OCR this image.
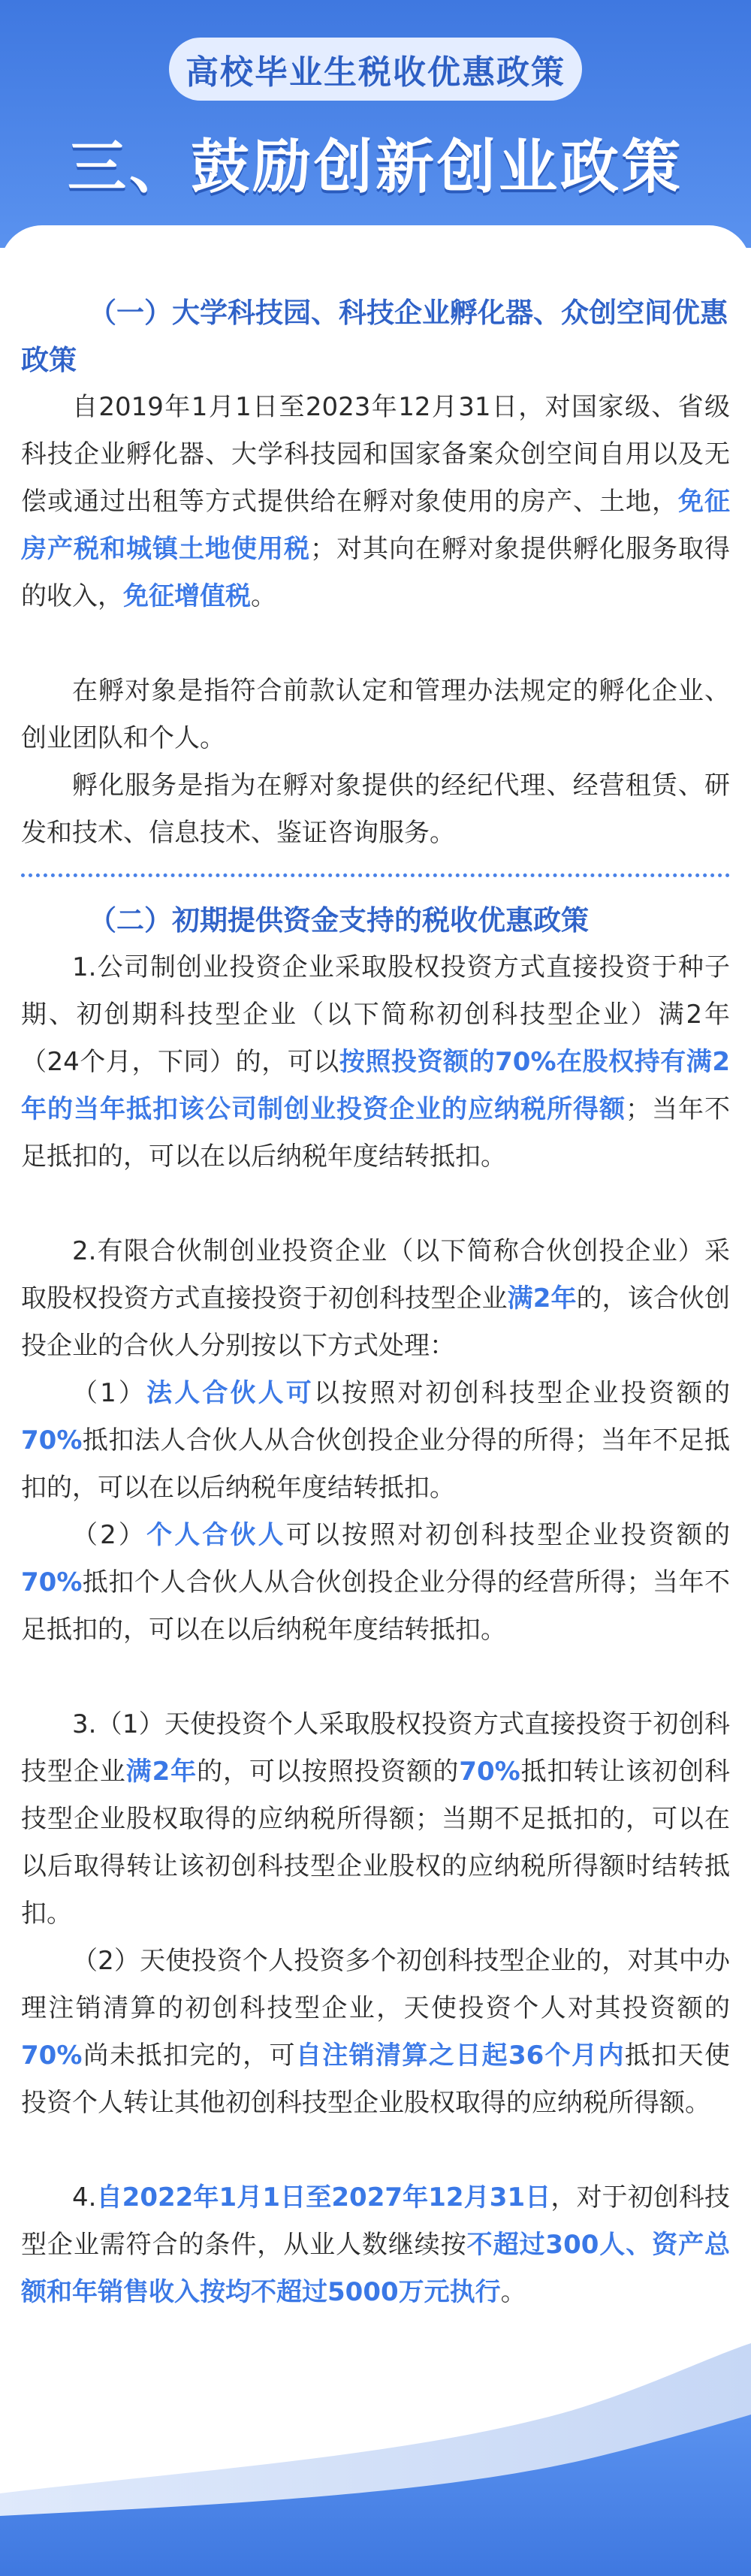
高校毕业生税收优惠政策
三、鼓励创新创业政策
（一）大学科技园、科技企业孵化器、众创空间优惠政策

自2019年1月1日至2023年12月31日，对国家级、省级科技企业孵化器、大学科技园和国家备案众创空间自用以及无偿或通过出租等方式提供给在孵对象使用的房产、土地，免征房产税和城镇土地使用税；对其向在孵对象提供孵化服务取得的收入，免征增值税。

在孵对象是指符合前款认定和管理办法规定的孵化企业、创业团队和个人。

孵化服务是指为在孵对象提供的经纪代理、经营租赁、研发和技术、信息技术、鉴证咨询服务。

（二）初期提供资金支持的税收优惠政策

1.公司制创业投资企业采取股权投资方式直接投资于种子期、初创期科技型企业（以下简称初创科技型企业）满2年（24个月，下同）的，可以按照投资额的70%在股权持有满2年的当年抵扣该公司制创业投资企业的应纳税所得额；当年不足抵扣的，可以在以后纳税年度结转抵扣。

2.有限合伙制创业投资企业（以下简称合伙创投企业）采取股权投资方式直接投资于初创科技型企业满2年的，该合伙创投企业的合伙人分别按以下方式处理：

（1）法人合伙人可以按照对初创科技型企业投资额的70%抵扣法人合伙人从合伙创投企业分得的所得；当年不足抵扣的，可以在以后纳税年度结转抵扣。

（2）个人合伙人可以按照对初创科技型企业投资额的70%抵扣个人合伙人从合伙创投企业分得的经营所得；当年不足抵扣的，可以在以后纳税年度结转抵扣。

3.（1）天使投资个人采取股权投资方式直接投资于初创科技型企业满2年的，可以按照投资额的70%抵扣转让该初创科技型企业股权取得的应纳税所得额；当期不足抵扣的，可以在以后取得转让该初创科技型企业股权的应纳税所得额时结转抵扣。

（2）天使投资个人投资多个初创科技型企业的，对其中办理注销清算的初创科技型企业，天使投资个人对其投资额的70%尚未抵扣完的，可自注销清算之日起36个月内抵扣天使投资个人转让其他初创科技型企业股权取得的应纳税所得额。

4.自2022年1月1日至2027年12月31日，对于初创科技型企业需符合的条件，从业人数继续按不超过300人、资产总额和年销售收入按均不超过5000万元执行。
